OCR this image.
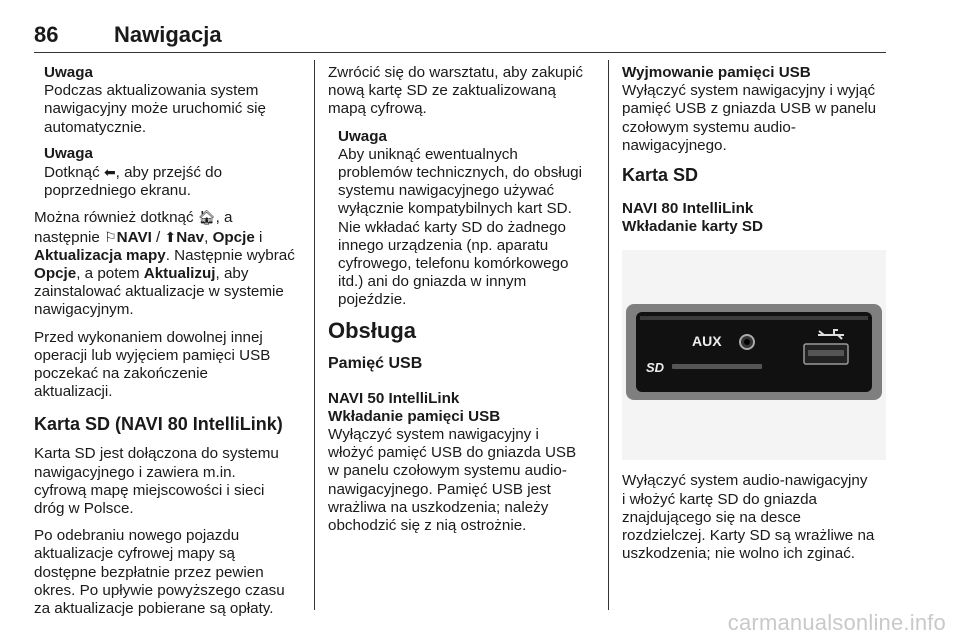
86	Nawigacja

Uwaga

Podczas aktualizowania system
nawigacyjny może uruchomić się
automatycznie.

Uwaga

Dotknąć ⬅, aby przejść do
poprzedniego ekranu.

Można również dotknąć 🏠︎, a
następnie ⚐NAVI / ⬆Nav, Opcje i
Aktualizacja mapy. Następnie wybrać
Opcje, a potem Aktualizuj, aby
zainstalować aktualizacje w systemie
nawigacyjnym.

Przed wykonaniem dowolnej innej
operacji lub wyjęciem pamięci USB
poczekać na zakończenie
aktualizacji.

Karta SD (NAVI 80 IntelliLink)

Karta SD jest dołączona do systemu
nawigacyjnego i zawiera m.in.
cyfrową mapę miejscowości i sieci
dróg w Polsce.

Po odebraniu nowego pojazdu
aktualizacje cyfrowej mapy są
dostępne bezpłatnie przez pewien
okres. Po upływie powyższego czasu
za aktualizacje pobierane są opłaty.

Zwrócić się do warsztatu, aby zakupić
nową kartę SD ze zaktualizowaną
mapą cyfrową.

Uwaga

Aby uniknąć ewentualnych
problemów technicznych, do obsługi
systemu nawigacyjnego używać
wyłącznie kompatybilnych kart SD.
Nie wkładać karty SD do żadnego
innego urządzenia (np. aparatu
cyfrowego, telefonu komórkowego
itd.) ani do gniazda w innym
pojeździe.

Obsługa
Pamięć USB

NAVI 50 IntelliLink

Wkładanie pamięci USB

Wyłączyć system nawigacyjny i
włożyć pamięć USB do gniazda USB
w panelu czołowym systemu audio-
nawigacyjnego. Pamięć USB jest
wrażliwa na uszkodzenia; należy
obchodzić się z nią ostrożnie.

Wyjmowanie pamięci USB

Wyłączyć system nawigacyjny i wyjąć
pamięć USB z gniazda USB w panelu
czołowym systemu audio-
nawigacyjnego.

Karta SD

NAVI 80 IntelliLink

Wkładanie karty SD

AUX
SD

Wyłączyć system audio-nawigacyjny
i włożyć kartę SD do gniazda
znajdującego się na desce
rozdzielczej. Karty SD są wrażliwe na
uszkodzenia; nie wolno ich zginać.

carmanualsonline.info
